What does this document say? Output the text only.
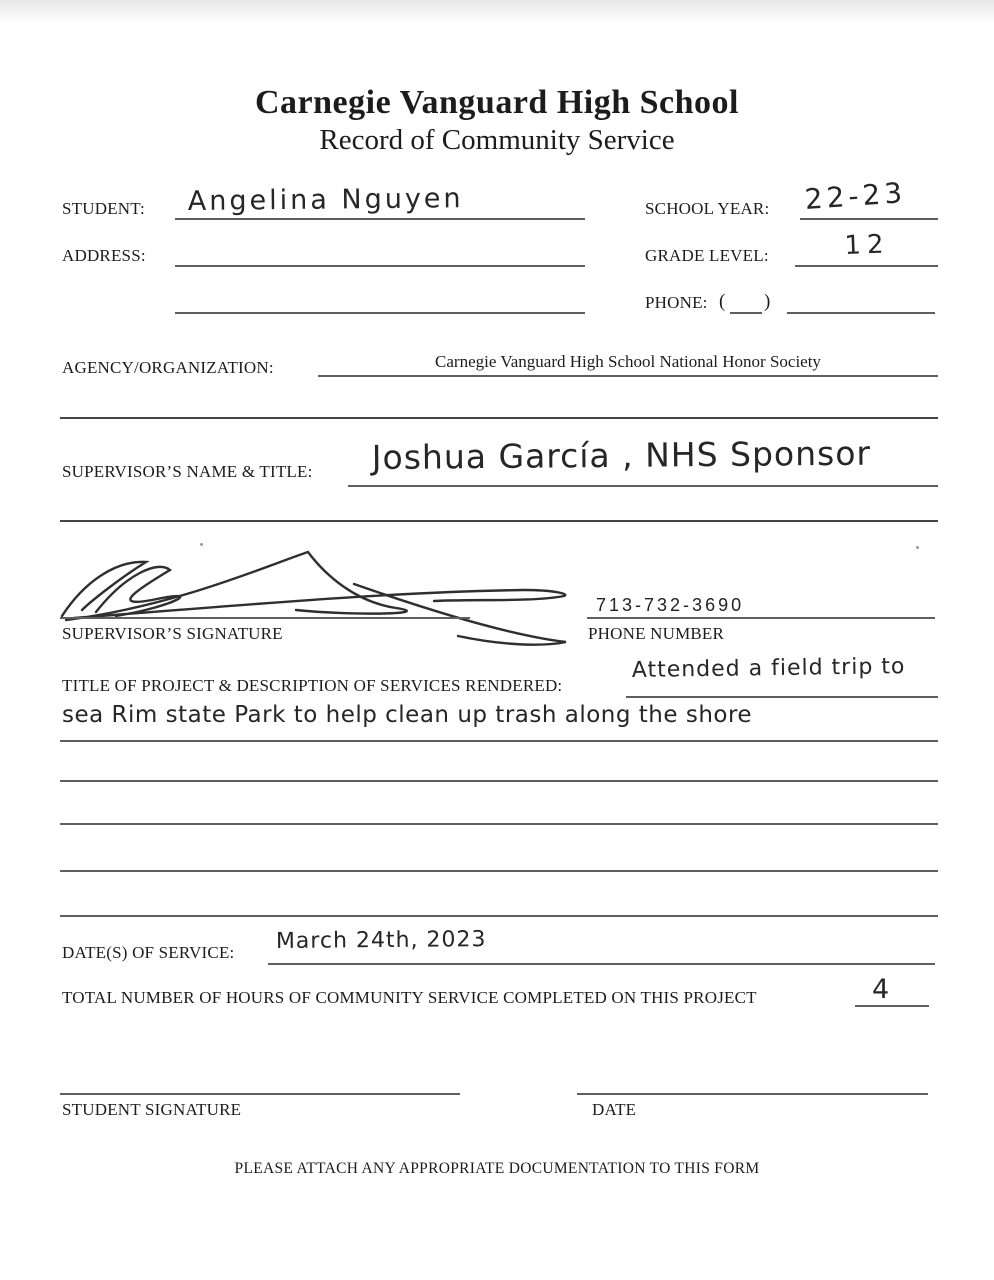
Carnegie Vanguard High School
Record of Community Service
STUDENT: Angelina Nguyen	SCHOOL YEAR: 22-23
ADDRESS:	GRADE LEVEL:	12
PHONE: ( )
AGENCY/ORGANIZATION:	Carnegie Vanguard High School National Honor Society
SUPERVISOR’S NAME & TITLE: Joshua García , NHS Sponsor
SUPERVISOR’S SIGNATURE
713-732-3690
PHONE NUMBER
TITLE OF PROJECT & DESCRIPTION OF SERVICES RENDERED:
Attended a field trip to
sea Rim state Park to help clean up trash along the shore
DATE(S) OF SERVICE: March 24th, 2023
TOTAL NUMBER OF HOURS OF COMMUNITY SERVICE COMPLETED ON THIS PROJECT	4
STUDENT SIGNATURE	DATE
PLEASE ATTACH ANY APPROPRIATE DOCUMENTATION TO THIS FORM
